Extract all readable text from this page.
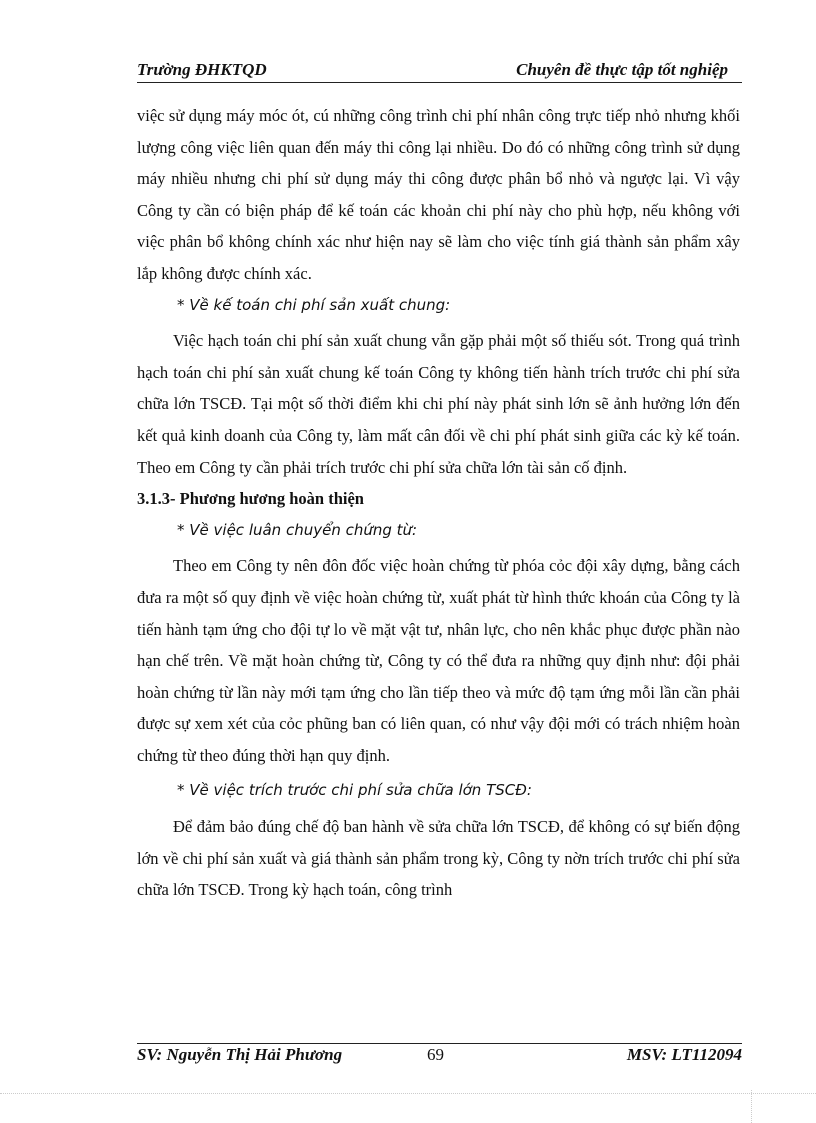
Trường ĐHKTQD	Chuyên đề thực tập tốt nghiệp

việc sử dụng máy móc ót, cú những công trình chi phí nhân công trực tiếp nhỏ nhưng khối lượng công việc liên quan đến máy thi công lại nhiều. Do đó có những công trình sử dụng máy nhiều nhưng chi phí sử dụng máy thi công được phân bổ nhỏ và ngược lại. Vì vậy Công ty cần có biện pháp để kế toán các khoản chi phí này cho phù hợp, nếu không với việc phân bổ không chính xác như hiện nay sẽ làm cho việc tính giá thành sản phẩm xây lắp không được chính xác.

* Về kế toán chi phí sản xuất chung:

Việc hạch toán chi phí sản xuất chung vẫn gặp phải một số thiếu sót. Trong quá trình hạch toán chi phí sản xuất chung kế toán Công ty không tiến hành trích trước chi phí sửa chữa lớn TSCĐ. Tại một số thời điểm khi chi phí này phát sinh lớn sẽ ảnh hưởng lớn đến kết quả kinh doanh của Công ty, làm mất cân đối về chi phí phát sinh giữa các kỳ kế toán. Theo em Công ty cần phải trích trước chi phí sửa chữa lớn tài sản cố định.

3.1.3- Phương hương hoàn thiện

* Về việc luân chuyển chứng từ:

Theo em Công ty nên đôn đốc việc hoàn chứng từ phóa cỏc đội xây dựng, bằng cách đưa ra một số quy định về việc hoàn chứng từ, xuất phát từ hình thức khoán của Công ty là tiến hành tạm ứng cho đội tự lo về mặt vật tư, nhân lực, cho nên khắc phục được phần nào hạn chế trên. Về mặt hoàn chứng từ, Công ty có thể đưa ra những quy định như: đội phải hoàn chứng từ lần này mới tạm ứng cho lần tiếp theo và mức độ tạm ứng mỗi lần cần phải được sự xem xét của cỏc phũng ban có liên quan, có như vậy đội mới có trách nhiệm hoàn chứng từ theo đúng thời hạn quy định.

* Về việc trích trước chi phí sửa chữa lớn TSCĐ:

Để đảm bảo đúng chế độ ban hành về sửa chữa lớn TSCĐ, để không có sự biến động lớn về chi phí sản xuất và giá thành sản phẩm trong kỳ, Công ty nờn trích trước chi phí sửa chữa lớn TSCĐ. Trong kỳ hạch toán, công trình

SV: Nguyễn Thị Hải Phương	69	MSV: LT112094
